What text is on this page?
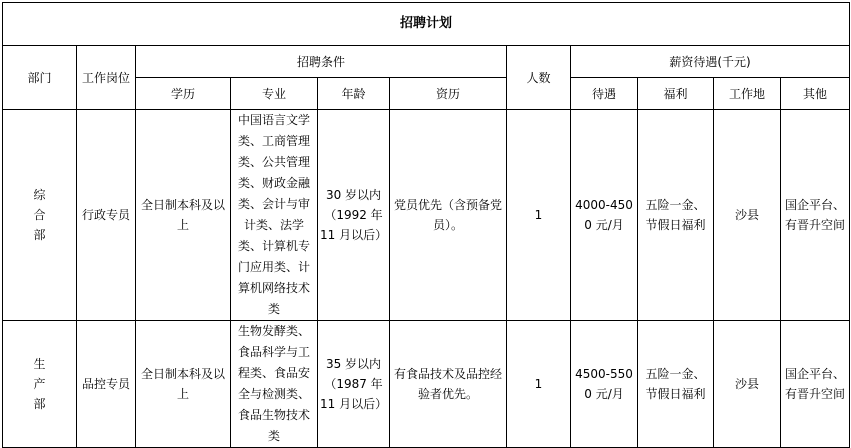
招聘计划										
部门	工作岗位	招聘条件				人数	薪资待遇(千元)			
		学历	专业	年龄	资历		待遇	福利	工作地	其他
综
合
部	行政专员	全日制本科及以上	中国语言文学类、工商管理类、公共管理类、财政金融类、会计与审计类、法学类、计算机专门应用类、计算机网络技术类	30 岁以内（1992 年 11 月以后）	党员优先（含预备党员）。	1	4000-4500 元/月	五险一金、节假日福利	沙县	国企平台、有晋升空间
生
产
部	品控专员	全日制本科及以上	生物发酵类、食品科学与工程类、食品安全与检测类、食品生物技术类	35 岁以内（1987 年 11 月以后）	有食品技术及品控经验者优先。	1	4500-5500 元/月	五险一金、节假日福利	沙县	国企平台、有晋升空间
